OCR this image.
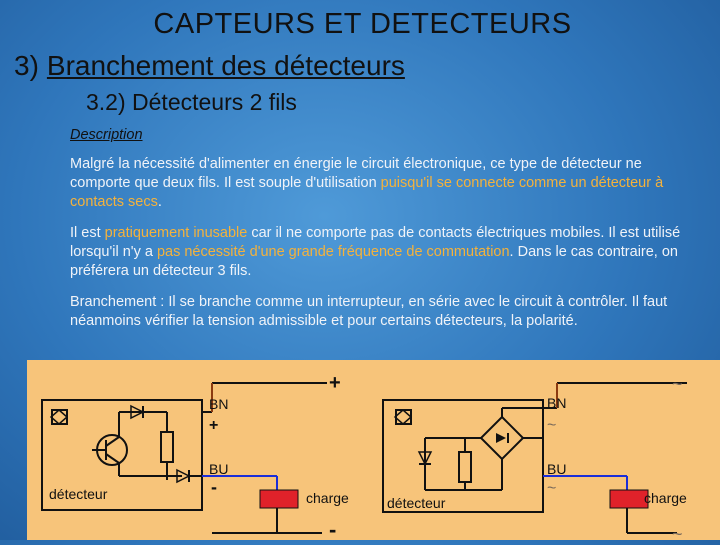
CAPTEURS ET DETECTEURS
3) Branchement des détecteurs
3.2) Détecteurs 2 fils
Description

Malgré la nécessité d'alimenter en énergie le circuit électronique, ce type de détecteur ne comporte que deux fils. Il est souple d'utilisation puisqu'il se connecte comme un détecteur à contacts secs.

Il est pratiquement inusable car il ne comporte pas de contacts électriques mobiles. Il est utilisé lorsqu'il n'y a pas nécessité d'une grande fréquence de commutation. Dans le cas contraire, on préférera un détecteur 3 fils.

Branchement : Il se branche comme un interrupteur, en série avec le circuit à contrôler. Il faut néanmoins vérifier la tension admissible et pour certains détecteurs, la polarité.

+
-
BN
+
BU
-
détecteur	charge
~
~
BN
~
BU
~
détecteur	charge
